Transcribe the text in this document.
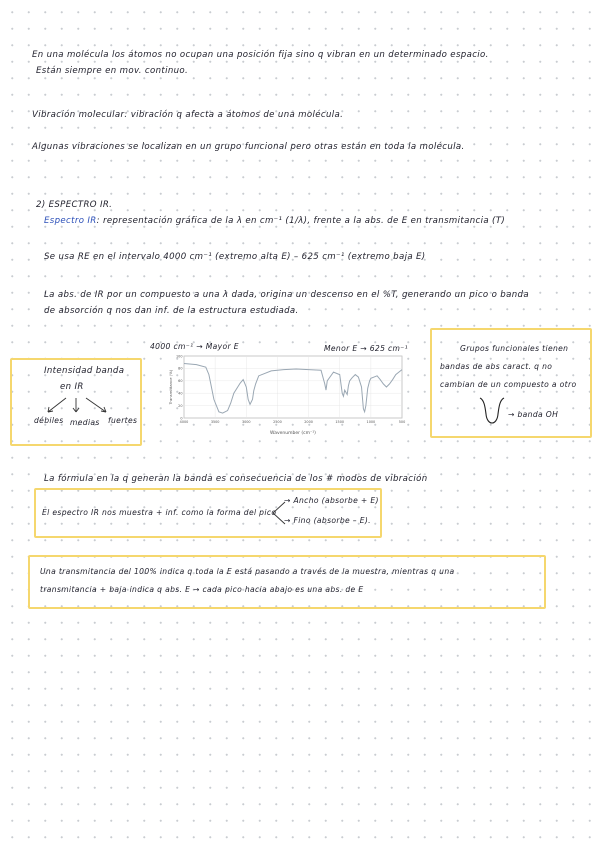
En una molécula los átomos no ocupan una posición fija sino q vibran en un determinado espacio.
Están siempre en mov. continuo.
Vibración molecular: vibración q afecta a átomos de una molécula.
Algunas vibraciones se localizan en un grupo funcional pero otras están en toda la molécula.
2) ESPECTRO IR.
Espectro IR: representación gráfica de la λ en cm⁻¹ (1/λ), frente a la abs. de E en transmitancia (T)
Se usa RE en el intervalo 4000 cm⁻¹ (extremo alta E) – 625 cm⁻¹ (extremo baja E)
La abs. de IR por un compuesto a una λ dada, origina un descenso en el %T, generando un pico o banda
de absorción q nos dan inf. de la estructura estudiada.
4000 cm⁻¹ → Mayor E	Menor E → 625 cm⁻¹
Intensidad banda
en IR
débiles medias fuertes	0
20
40
60
80
100
4000	3500	3000	2500	2000	1500	1000	500
Wavenumber (cm⁻¹)
Transmittance (%)
Grupos funcionales tienen
bandas de abs caract. q no
cambian de un compuesto a otro
→ banda OH
La fórmula en la q generan la banda es consecuencia de los # modos de vibración
El espectro IR nos muestra + inf. como la forma del pico
→ Ancho (absorbe + E)
→ Fino (absorbe – E).
Una transmitancia del 100% indica q toda la E está pasando a través de la muestra, mientras q una
transmitancia + baja indica q abs. E → cada pico hacia abajo es una abs. de E
